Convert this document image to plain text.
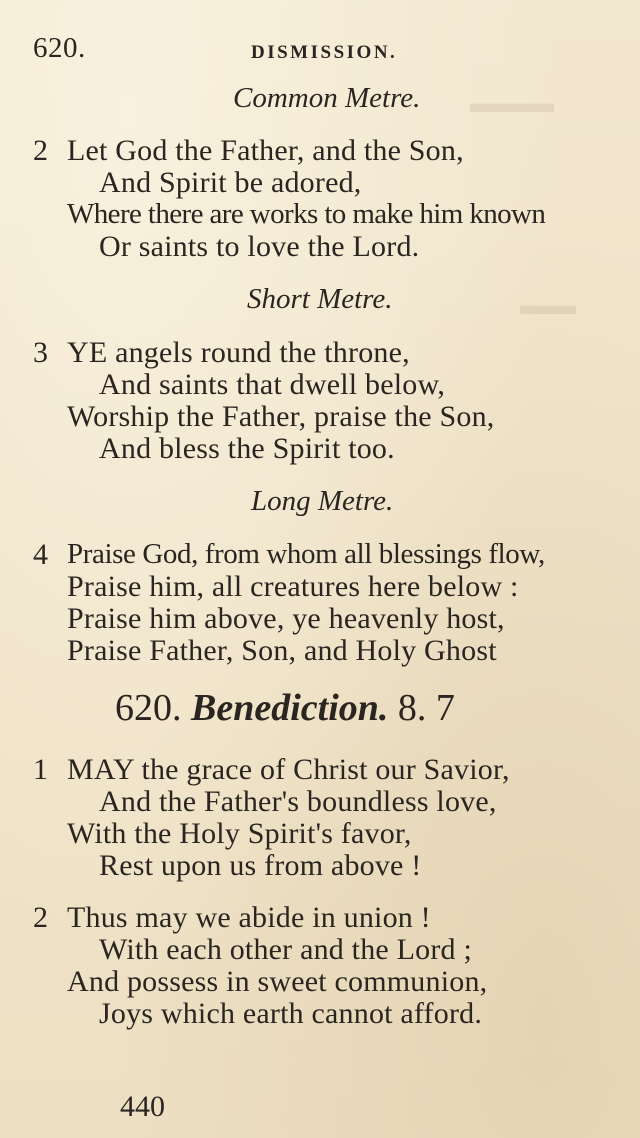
▬▬▬
▬▬
620.	DISMISSION.
Common Metre.
2 Let God the Father, and the Son,
And Spirit be adored,
Where there are works to make him known
Or saints to love the Lord.
Short Metre.
3 YE angels round the throne,
And saints that dwell below,
Worship the Father, praise the Son,
And bless the Spirit too.
Long Metre.
4 Praise God, from whom all blessings flow,
Praise him, all creatures here below :
Praise him above, ye heavenly host,
Praise Father, Son, and Holy Ghost
620. Benediction. 8. 7
1 MAY the grace of Christ our Savior,
And the Father's boundless love,
With the Holy Spirit's favor,
Rest upon us from above !
2 Thus may we abide in union !
With each other and the Lord ;
And possess in sweet communion,
Joys which earth cannot afford.
440
